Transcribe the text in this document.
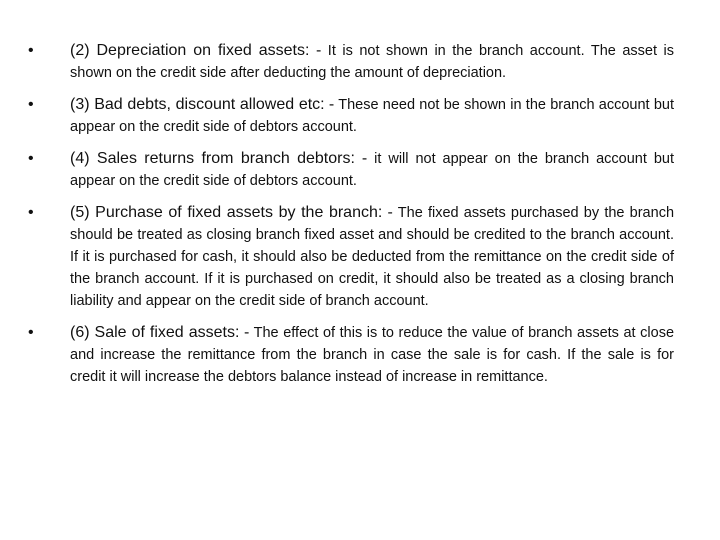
• (2) Depreciation on fixed assets: - It is not shown in the branch account. The asset is shown on the credit side after deducting the amount of depreciation.
• (3) Bad debts, discount allowed etc: - These need not be shown in the branch account but appear on the credit side of debtors account.
• (4) Sales returns from branch debtors: - it will not appear on the branch account but appear on the credit side of debtors account.
• (5) Purchase of fixed assets by the branch: - The fixed assets purchased by the branch should be treated as closing branch fixed asset and should be credited to the branch account. If it is purchased for cash, it should also be deducted from the remittance on the credit side of the branch account. If it is purchased on credit, it should also be treated as a closing branch liability and appear on the credit side of branch account.
• (6) Sale of fixed assets: - The effect of this is to reduce the value of branch assets at close and increase the remittance from the branch in case the sale is for cash. If the sale is for credit it will increase the debtors balance instead of increase in remittance.
